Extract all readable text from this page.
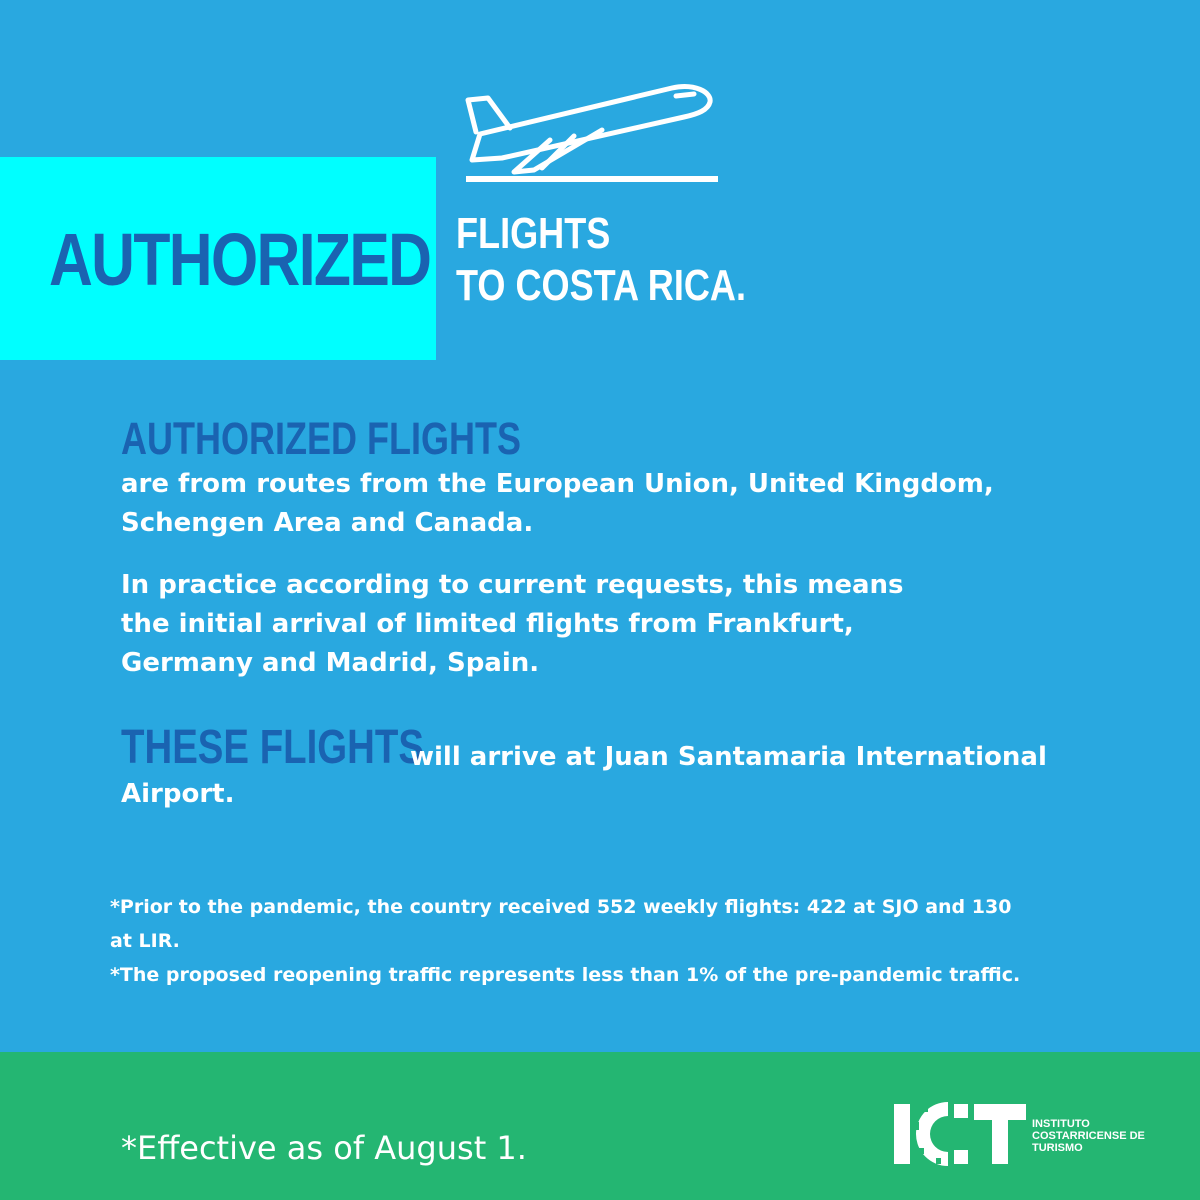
AUTHORIZED FLIGHTS
TO COSTA RICA.
AUTHORIZED FLIGHTS
are from routes from the European Union, United Kingdom,
Schengen Area and Canada.
In practice according to current requests, this means
the initial arrival of limited flights from Frankfurt,
Germany and Madrid, Spain.
THESE FLIGHTS
will arrive at Juan Santamaria International
Airport.
*Prior to the pandemic, the country received 552 weekly flights: 422 at SJO and 130
at LIR.
*The proposed reopening traffic represents less than 1% of the pre-pandemic traffic.
*Effective as of August 1.
INSTITUTO
COSTARRICENSE DE
TURISMO
